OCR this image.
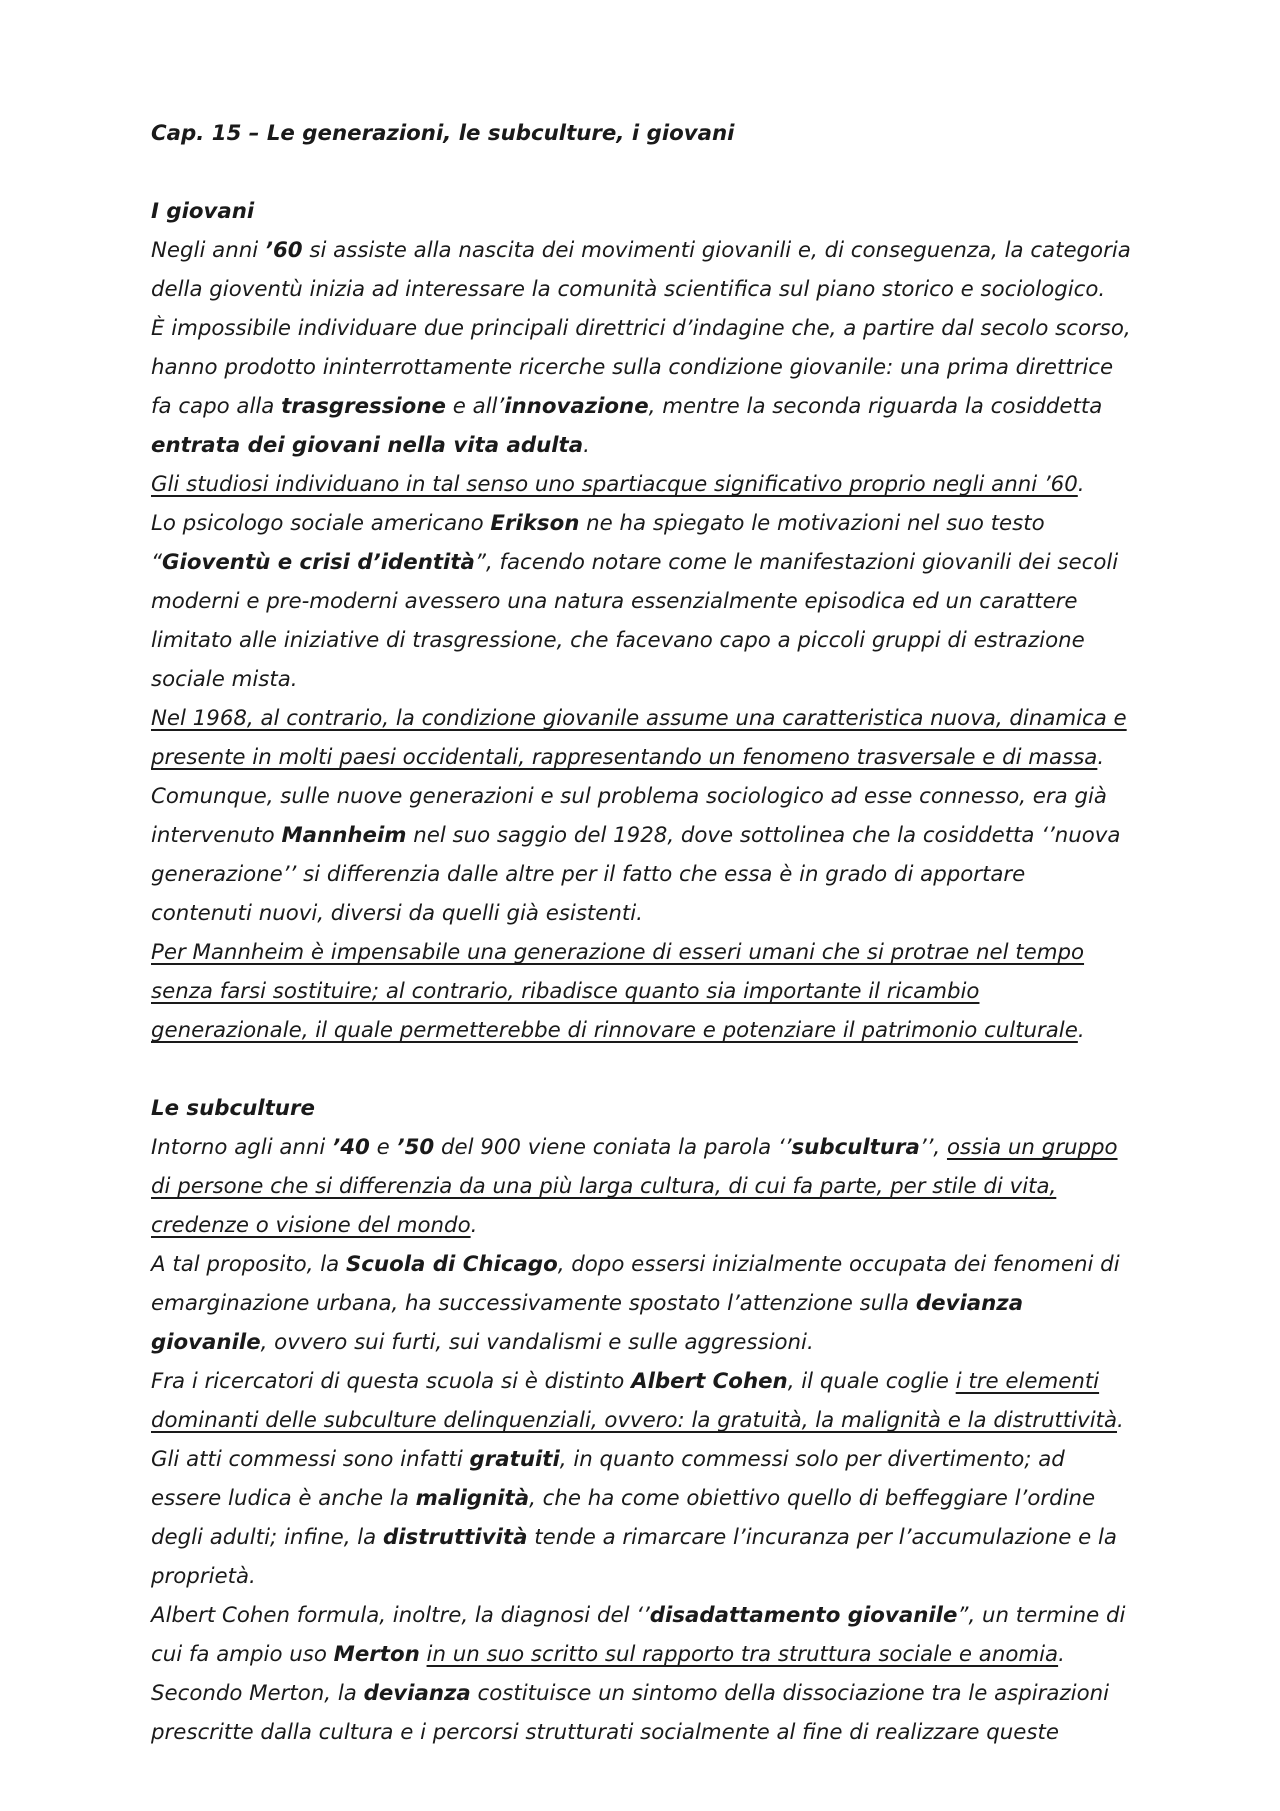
Cap. 15 – Le generazioni, le subculture, i giovani

I giovani

Negli anni ’60 si assiste alla nascita dei movimenti giovanili e, di conseguenza, la categoria della gioventù inizia ad interessare la comunità scientifica sul piano storico e sociologico.

È impossibile individuare due principali direttrici d’indagine che, a partire dal secolo scorso, hanno prodotto ininterrottamente ricerche sulla condizione giovanile: una prima direttrice fa capo alla trasgressione e all’innovazione, mentre la seconda riguarda la cosiddetta entrata dei giovani nella vita adulta.

Gli studiosi individuano in tal senso uno spartiacque significativo proprio negli anni ’60.

Lo psicologo sociale americano Erikson ne ha spiegato le motivazioni nel suo testo “Gioventù e crisi d’identità”, facendo notare come le manifestazioni giovanili dei secoli moderni e pre-moderni avessero una natura essenzialmente episodica ed un carattere limitato alle iniziative di trasgressione, che facevano capo a piccoli gruppi di estrazione sociale mista.

Nel 1968, al contrario, la condizione giovanile assume una caratteristica nuova, dinamica e presente in molti paesi occidentali, rappresentando un fenomeno trasversale e di massa.

Comunque, sulle nuove generazioni e sul problema sociologico ad esse connesso, era già intervenuto Mannheim nel suo saggio del 1928, dove sottolinea che la cosiddetta ‘’nuova generazione’’ si differenzia dalle altre per il fatto che essa è in grado di apportare contenuti nuovi, diversi da quelli già esistenti.

Per Mannheim è impensabile una generazione di esseri umani che si protrae nel tempo senza farsi sostituire; al contrario, ribadisce quanto sia importante il ricambio generazionale, il quale permetterebbe di rinnovare e potenziare il patrimonio culturale.

Le subculture

Intorno agli anni ’40 e ’50 del 900 viene coniata la parola ‘’subcultura’’, ossia un gruppo di persone che si differenzia da una più larga cultura, di cui fa parte, per stile di vita, credenze o visione del mondo.

A tal proposito, la Scuola di Chicago, dopo essersi inizialmente occupata dei fenomeni di emarginazione urbana, ha successivamente spostato l’attenzione sulla devianza giovanile, ovvero sui furti, sui vandalismi e sulle aggressioni.

Fra i ricercatori di questa scuola si è distinto Albert Cohen, il quale coglie i tre elementi dominanti delle subculture delinquenziali, ovvero: la gratuità, la malignità e la distruttività.

Gli atti commessi sono infatti gratuiti, in quanto commessi solo per divertimento; ad essere ludica è anche la malignità, che ha come obiettivo quello di beffeggiare l’ordine degli adulti; infine, la distruttività tende a rimarcare l’incuranza per l’accumulazione e la proprietà.

Albert Cohen formula, inoltre, la diagnosi del ‘’disadattamento giovanile”, un termine di cui fa ampio uso Merton in un suo scritto sul rapporto tra struttura sociale e anomia.

Secondo Merton, la devianza costituisce un sintomo della dissociazione tra le aspirazioni prescritte dalla cultura e i percorsi strutturati socialmente al fine di realizzare queste
